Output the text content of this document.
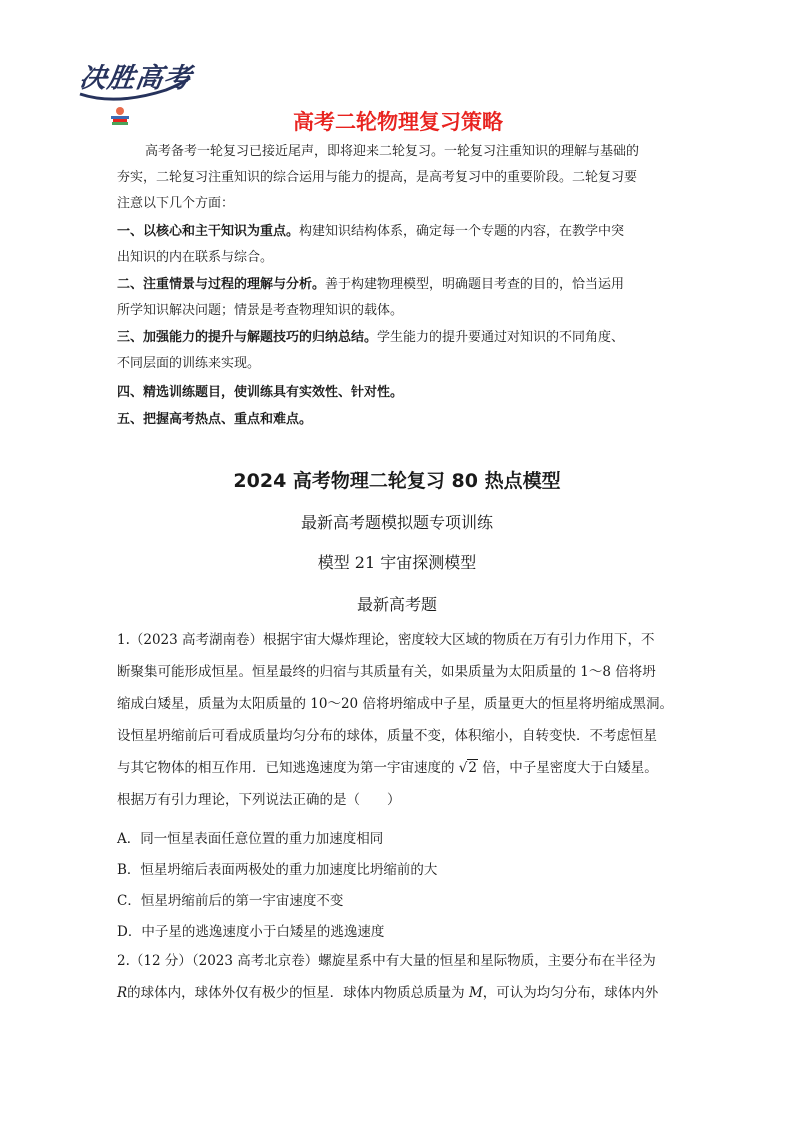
决胜高考
高考二轮物理复习策略
高考备考一轮复习已接近尾声，即将迎来二轮复习。一轮复习注重知识的理解与基础的
夯实，二轮复习注重知识的综合运用与能力的提高，是高考复习中的重要阶段。二轮复习要
注意以下几个方面：
一、以核心和主干知识为重点。构建知识结构体系，确定每一个专题的内容，在教学中突
出知识的内在联系与综合。
二、注重情景与过程的理解与分析。善于构建物理模型，明确题目考查的目的，恰当运用
所学知识解决问题；情景是考查物理知识的载体。
三、加强能力的提升与解题技巧的归纳总结。学生能力的提升要通过对知识的不同角度、
不同层面的训练来实现。
四、精选训练题目，使训练具有实效性、针对性。
五、把握高考热点、重点和难点。
2024 高考物理二轮复习 80 热点模型
最新高考题模拟题专项训练
模型 21 宇宙探测模型
最新高考题
1.（2023 高考湖南卷）根据宇宙大爆炸理论，密度较大区域的物质在万有引力作用下，不
断聚集可能形成恒星。恒星最终的归宿与其质量有关，如果质量为太阳质量的 1～8 倍将坍
缩成白矮星，质量为太阳质量的 10～20 倍将坍缩成中子星，质量更大的恒星将坍缩成黑洞。
设恒星坍缩前后可看成质量均匀分布的球体，质量不变，体积缩小，自转变快．不考虑恒星
与其它物体的相互作用．已知逃逸速度为第一宇宙速度的 √2 倍，中子星密度大于白矮星。
根据万有引力理论，下列说法正确的是（　　）
A．同一恒星表面任意位置的重力加速度相同
B．恒星坍缩后表面两极处的重力加速度比坍缩前的大
C．恒星坍缩前后的第一宇宙速度不变
D．中子星的逃逸速度小于白矮星的逃逸速度
2.（12 分）（2023 高考北京卷）螺旋星系中有大量的恒星和星际物质，主要分布在半径为
R的球体内，球体外仅有极少的恒星．球体内物质总质量为 M，可认为均匀分布，球体内外
